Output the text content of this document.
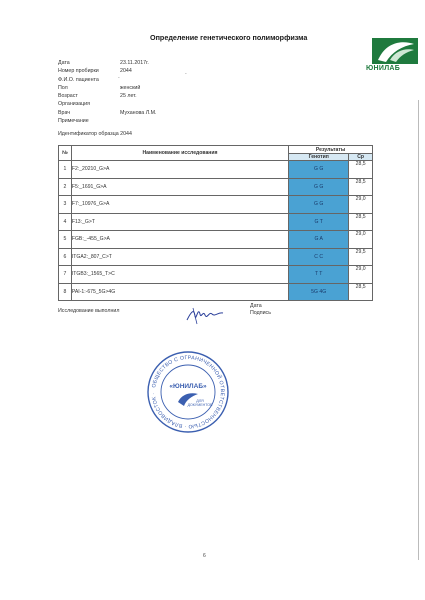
Определение генетического полиморфизма
ЮНИЛАБ
-
-
Дата	23.11.2017г.
Номер пробирки	2044
Ф.И.О. пациента
Пол	женский
Возраст	25 лет.
Организация
Врач	Муханова Л.М.
Примечание
Идентификатор образца 2044
№	Наименование исследования	Результаты	
		Генотип	Ср
1	F2:_20210_G>A	G G	28,5
2	F5:_1691_G>A	G G	28,5
3	F7:_10976_G>A	G G	29,0
4	F13:_G>T	G T	28,5
5	FGB:_-455_G>A	G A	29,0
6	ITGA2:_807_C>T	C C	29,5
7	ITGB3:_1565_T>C	T T	29,0
8	PAI-1:-675_5G>4G	5G 4G	28,5
Исследование выполнил
Дата
Подпись
ОБЩЕСТВО С ОГРАНИЧЕННОЙ ОТВЕТСТВЕННОСТЬЮ · ВЛАДИВОСТОК ·
«ЮНИЛАБ»
ДЛЯ
ДОКУМЕНТОВ
6
